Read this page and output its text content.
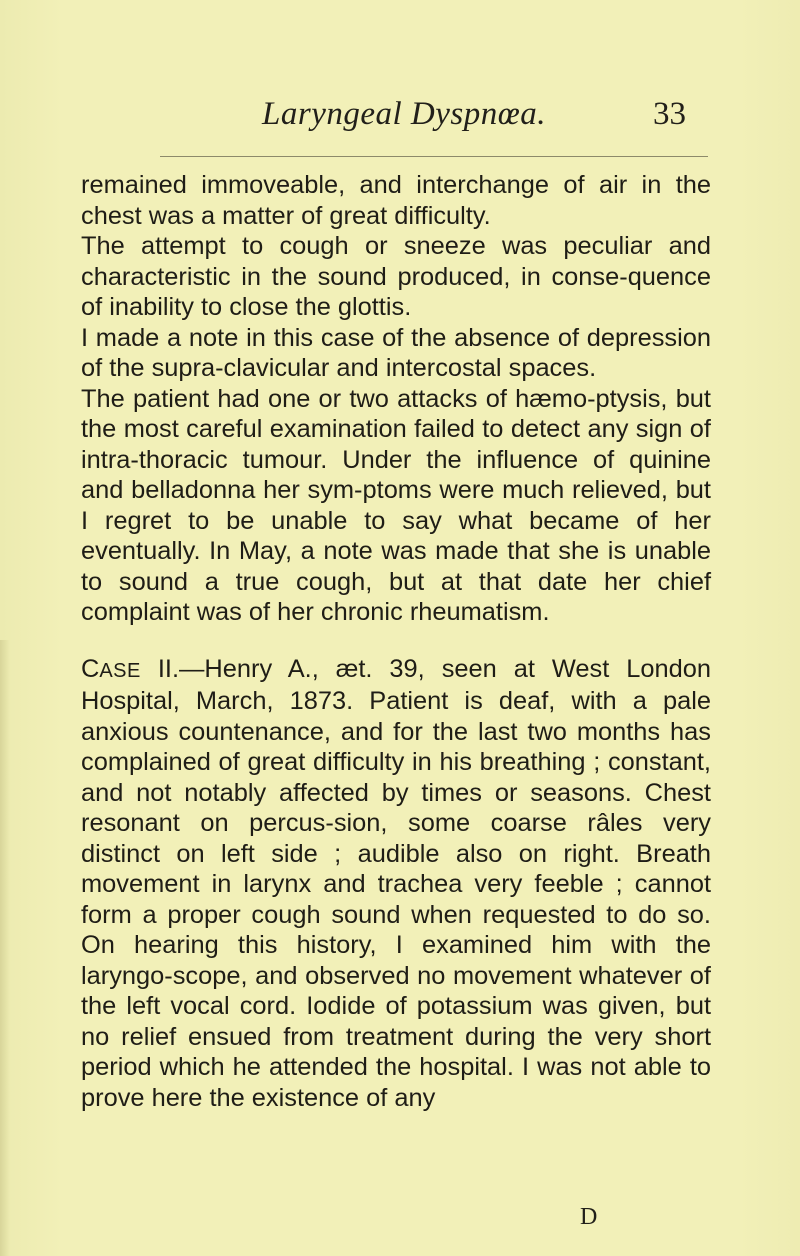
Laryngeal Dyspnœa.	33

remained immoveable, and interchange of air in the chest was a matter of great difficulty.

The attempt to cough or sneeze was peculiar and characteristic in the sound produced, in conse-quence of inability to close the glottis.

I made a note in this case of the absence of depression of the supra-clavicular and intercostal spaces.

The patient had one or two attacks of hæmo-ptysis, but the most careful examination failed to detect any sign of intra-thoracic tumour. Under the influence of quinine and belladonna her sym-ptoms were much relieved, but I regret to be unable to say what became of her eventually. In May, a note was made that she is unable to sound a true cough, but at that date her chief complaint was of her chronic rheumatism.

CASE II.—Henry A., æt. 39, seen at West London Hospital, March, 1873. Patient is deaf, with a pale anxious countenance, and for the last two months has complained of great difficulty in his breathing ; constant, and not notably affected by times or seasons. Chest resonant on percus-sion, some coarse râles very distinct on left side ; audible also on right. Breath movement in larynx and trachea very feeble ; cannot form a proper cough sound when requested to do so. On hearing this history, I examined him with the laryngo-scope, and observed no movement whatever of the left vocal cord. Iodide of potassium was given, but no relief ensued from treatment during the very short period which he attended the hospital. I was not able to prove here the existence of any

D
